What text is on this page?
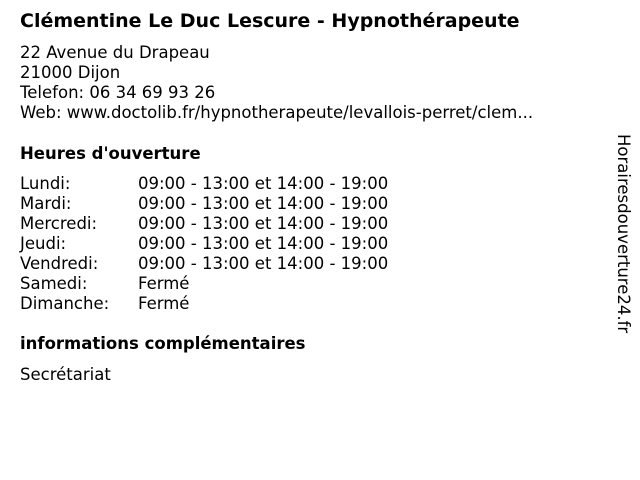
Clémentine Le Duc Lescure - Hypnothérapeute
22 Avenue du Drapeau
21000 Dijon
Telefon: 06 34 69 93 26
Web: www.doctolib.fr/hypnotherapeute/levallois-perret/clem...
Heures d'ouverture
Lundi:	09:00 - 13:00 et 14:00 - 19:00
Mardi:	09:00 - 13:00 et 14:00 - 19:00
Mercredi:	09:00 - 13:00 et 14:00 - 19:00
Jeudi:	09:00 - 13:00 et 14:00 - 19:00
Vendredi:	09:00 - 13:00 et 14:00 - 19:00
Samedi:	Fermé
Dimanche:	Fermé
informations complémentaires
Secrétariat
Horairesdouverture24.fr
